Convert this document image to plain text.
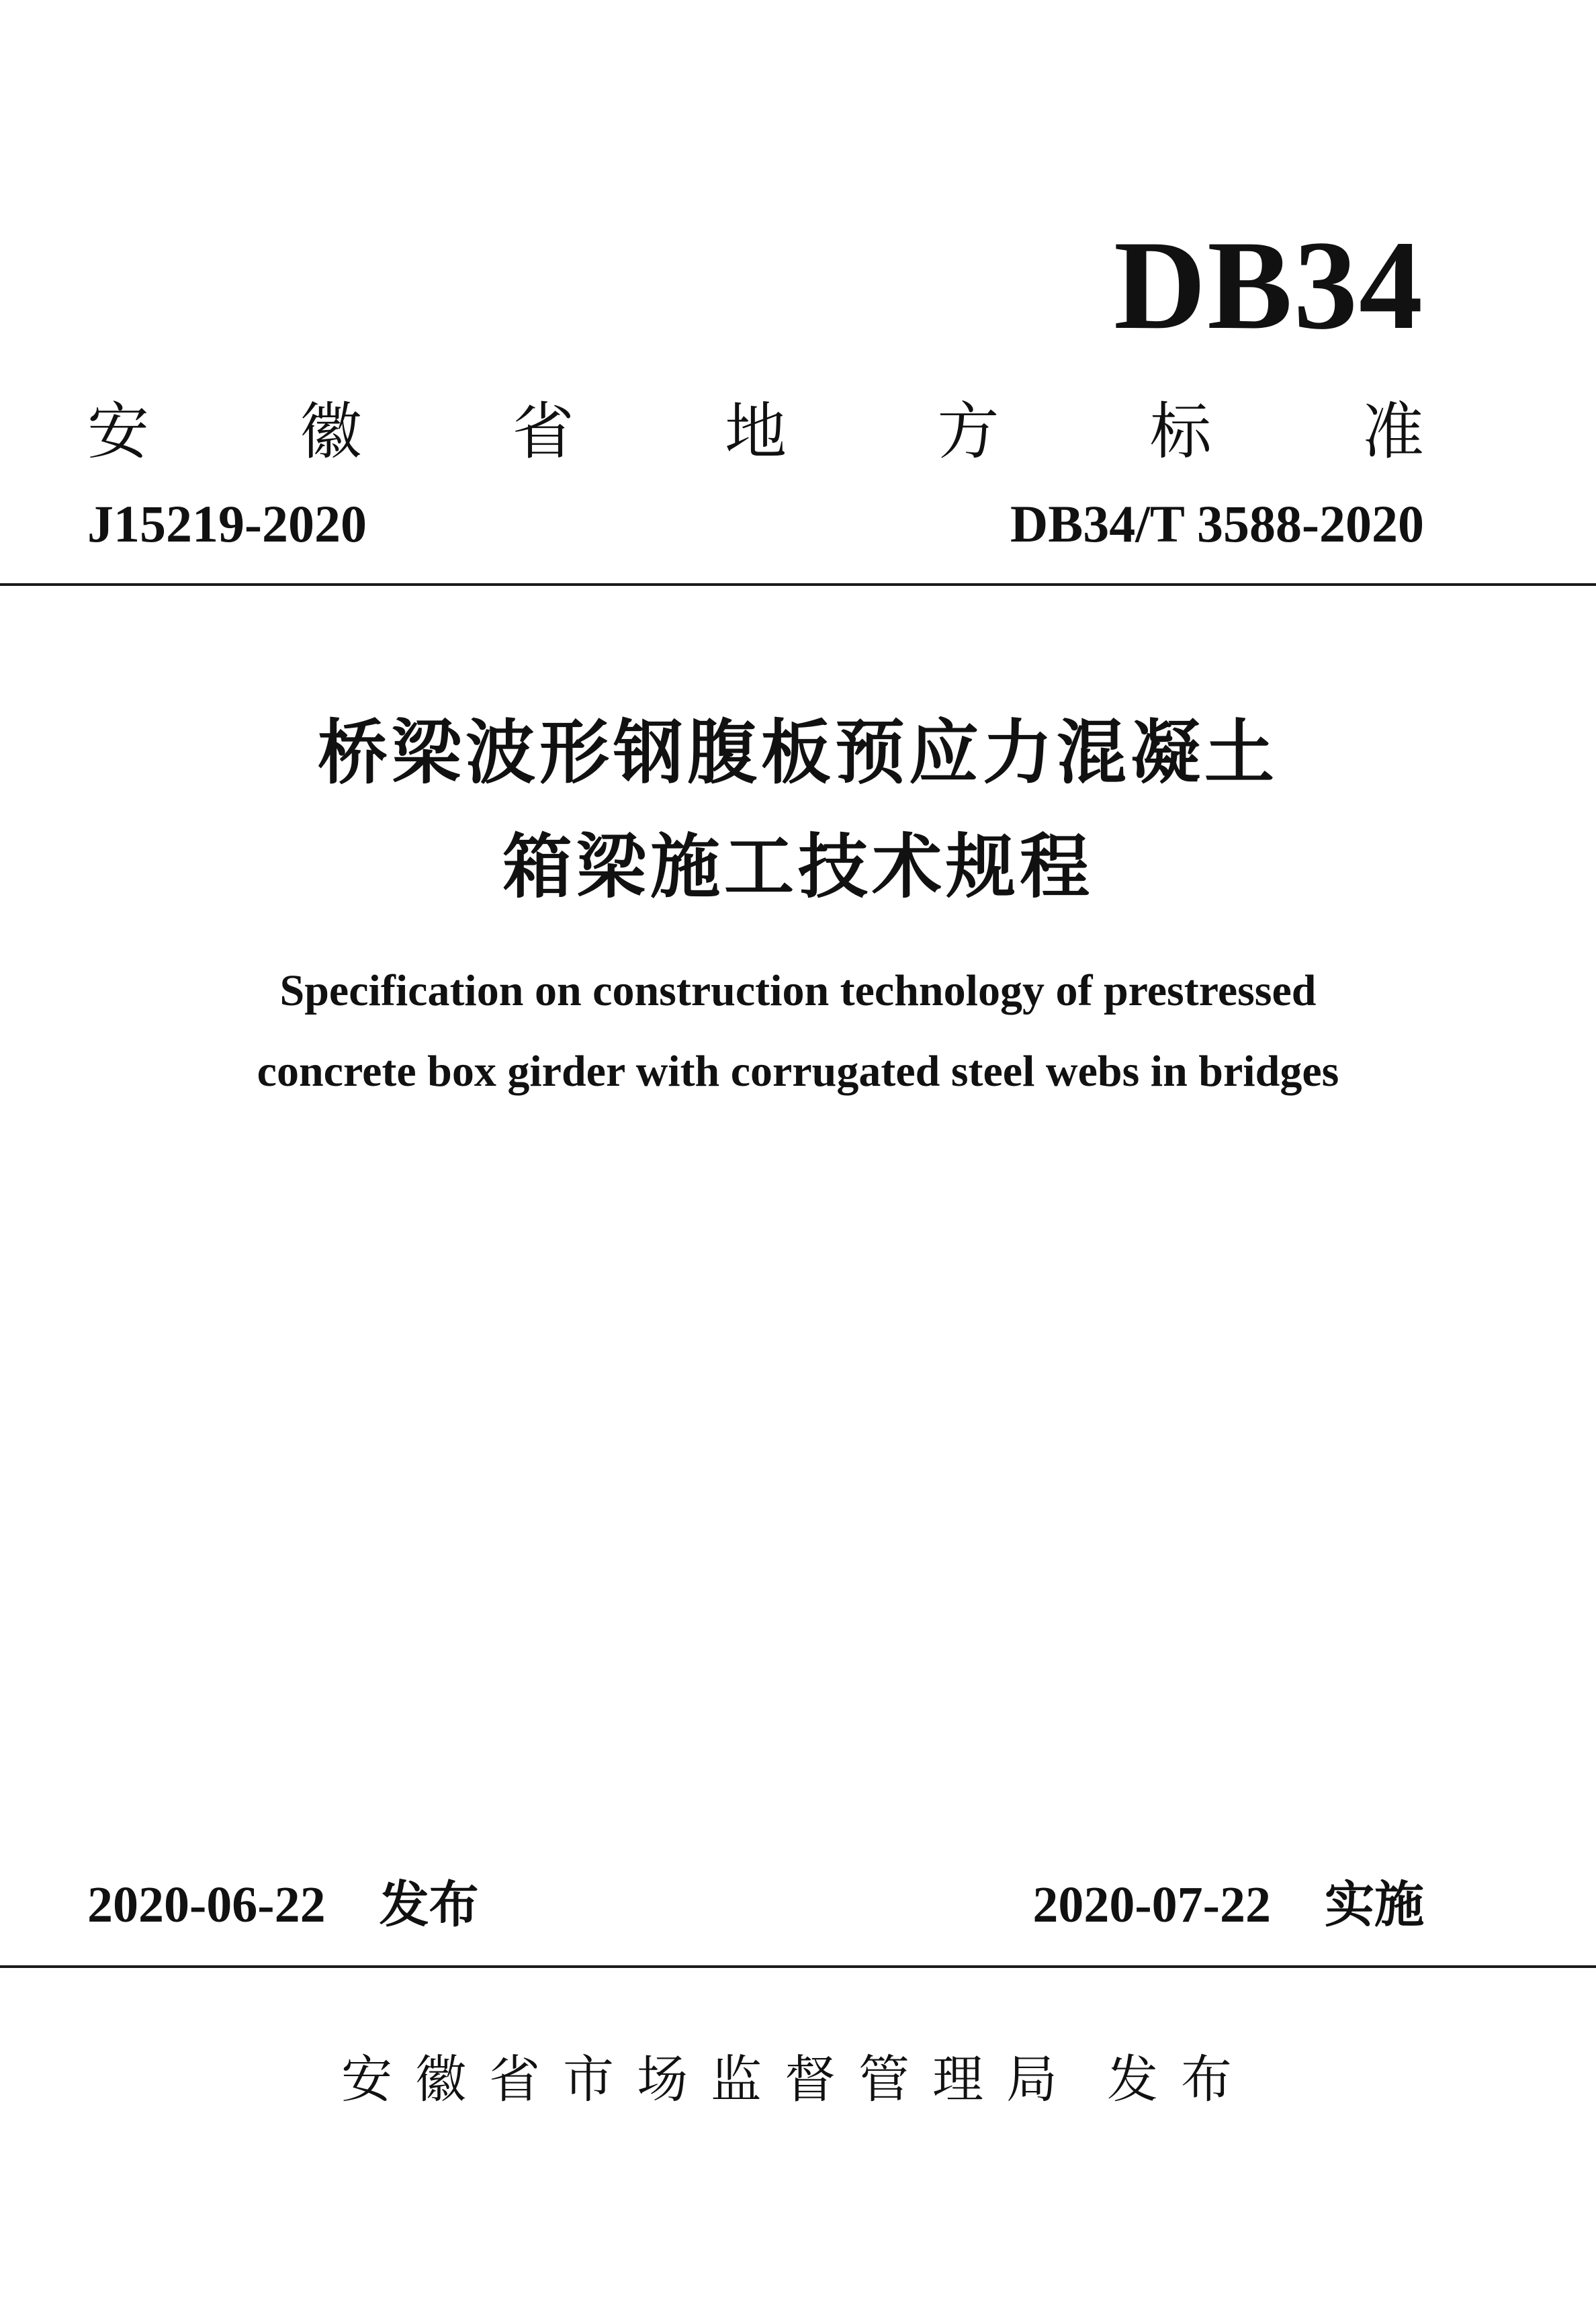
DB34
安 徽 省 地 方 标 准
J15219-2020	DB34/T 3588-2020
桥梁波形钢腹板预应力混凝土
箱梁施工技术规程
Specification on construction technology of prestressed
concrete box girder with corrugated steel webs in bridges
2020-06-22 发布	2020-07-22 实施
安徽省市场监督管理局 发布
